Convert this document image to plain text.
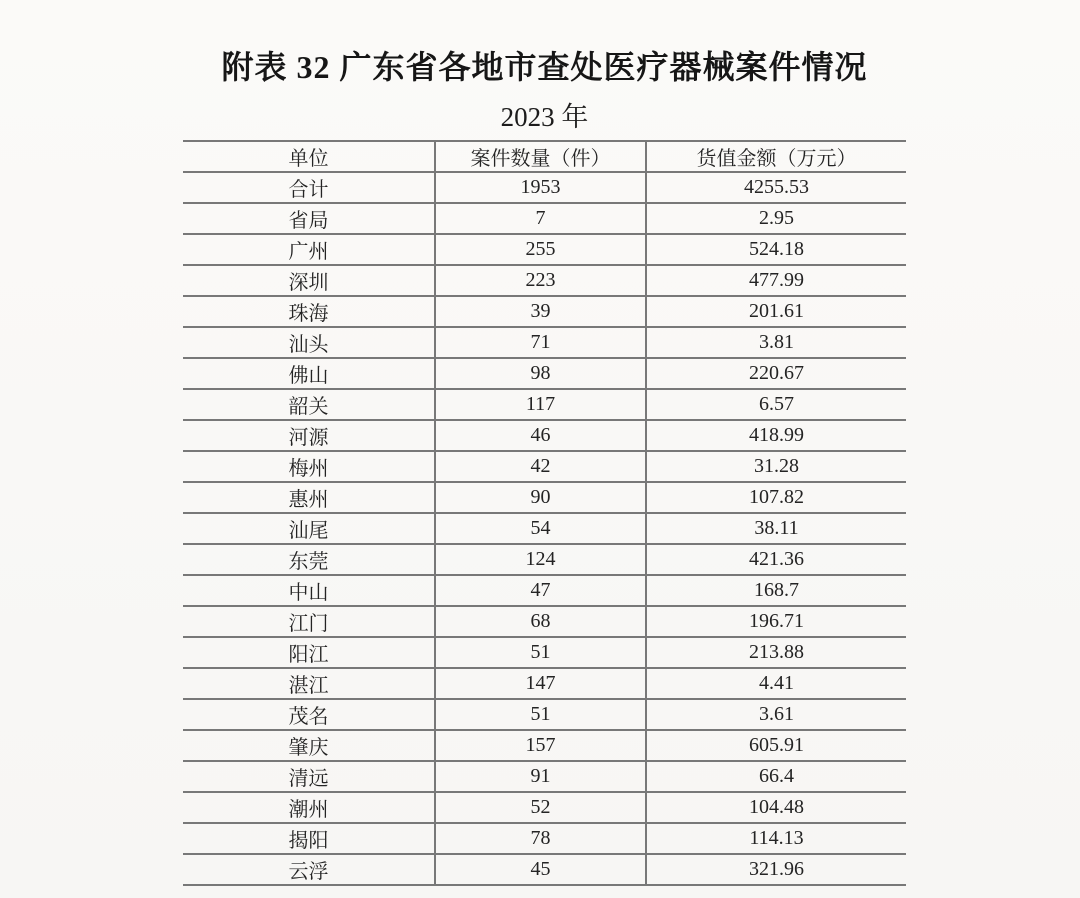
附表 32 广东省各地市查处医疗器械案件情况
2023 年
单位	案件数量（件）	货值金额（万元）
合计	1953	4255.53
省局	7	2.95
广州	255	524.18
深圳	223	477.99
珠海	39	201.61
汕头	71	3.81
佛山	98	220.67
韶关	117	6.57
河源	46	418.99
梅州	42	31.28
惠州	90	107.82
汕尾	54	38.11
东莞	124	421.36
中山	47	168.7
江门	68	196.71
阳江	51	213.88
湛江	147	4.41
茂名	51	3.61
肇庆	157	605.91
清远	91	66.4
潮州	52	104.48
揭阳	78	114.13
云浮	45	321.96
